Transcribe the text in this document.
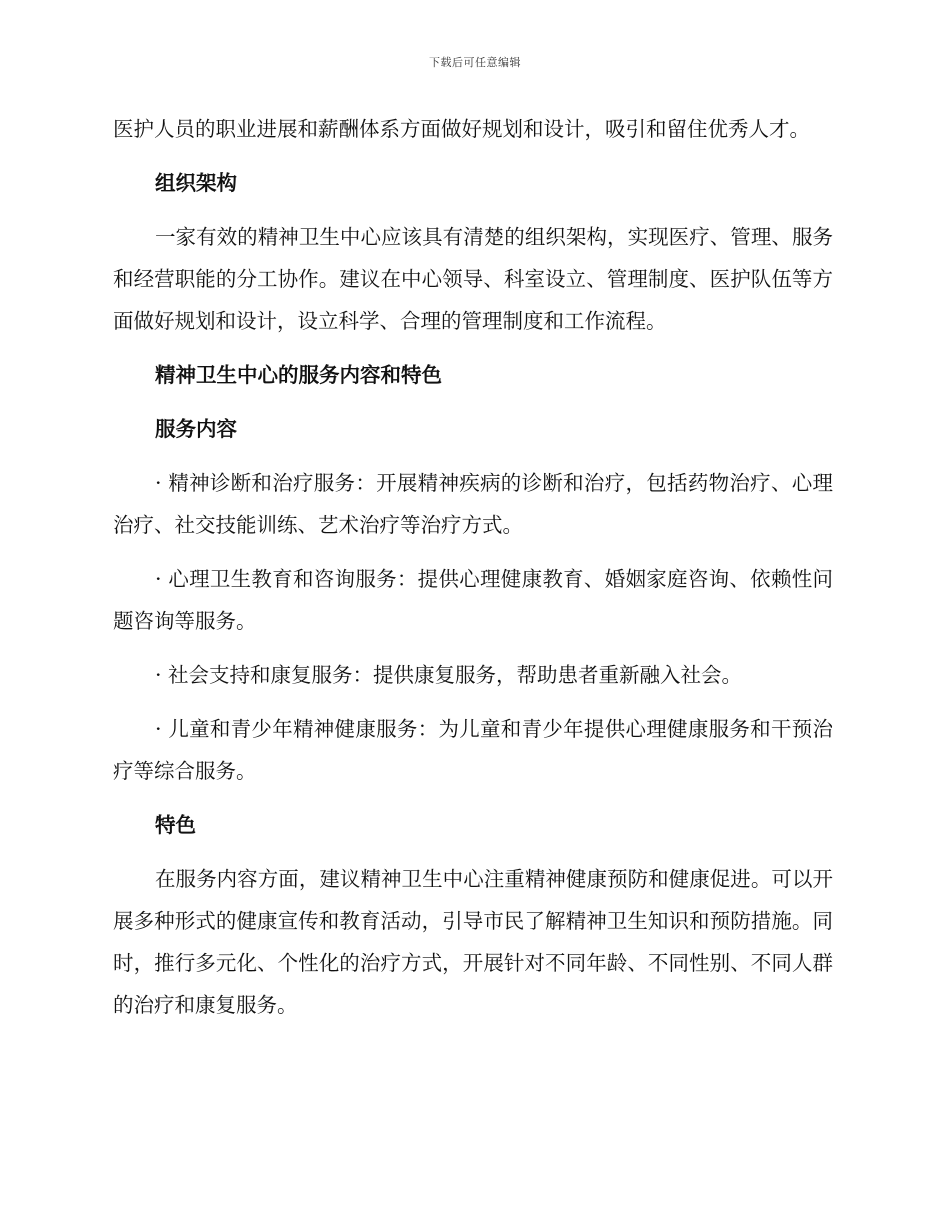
下载后可任意编辑

医护人员的职业进展和薪酬体系方面做好规划和设计，吸引和留住优秀人才。

组织架构

一家有效的精神卫生中心应该具有清楚的组织架构，实现医疗、管理、服务和经营职能的分工协作。建议在中心领导、科室设立、管理制度、医护队伍等方面做好规划和设计，设立科学、合理的管理制度和工作流程。

精神卫生中心的服务内容和特色
服务内容

· 精神诊断和治疗服务：开展精神疾病的诊断和治疗，包括药物治疗、心理治疗、社交技能训练、艺术治疗等治疗方式。

· 心理卫生教育和咨询服务：提供心理健康教育、婚姻家庭咨询、依赖性问题咨询等服务。

· 社会支持和康复服务：提供康复服务，帮助患者重新融入社会。

· 儿童和青少年精神健康服务：为儿童和青少年提供心理健康服务和干预治疗等综合服务。

特色

在服务内容方面，建议精神卫生中心注重精神健康预防和健康促进。可以开展多种形式的健康宣传和教育活动，引导市民了解精神卫生知识和预防措施。同时，推行多元化、个性化的治疗方式，开展针对不同年龄、不同性别、不同人群的治疗和康复服务。
